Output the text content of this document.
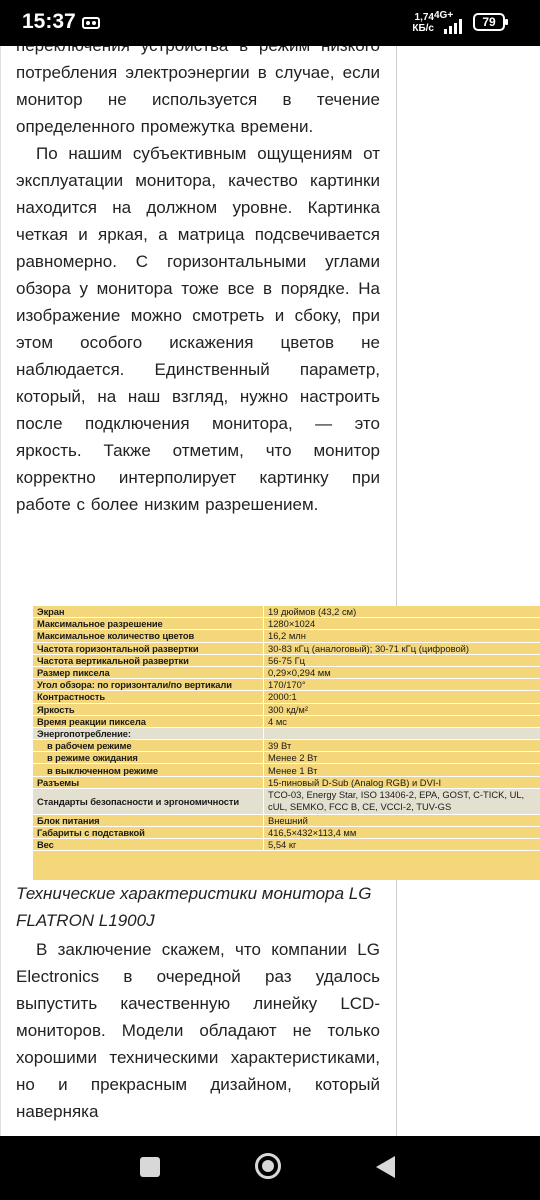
15:37	1,74
КБ/с
4G+	79

потребления электроэнергии в случае, если монитор не используется в течение определенного промежутка времени.

По нашим субъективным ощущениям от эксплуатации монитора, качество картинки находится на должном уровне. Картинка четкая и яркая, а матрица подсвечивается равномерно. С горизонтальными углами обзора у монитора тоже все в порядке. На изображение можно смотреть и сбоку, при этом особого искажения цветов не наблюдается. Единственный параметр, который, на наш взгляд, нужно настроить после подключения монитора, — это яркость. Также отметим, что монитор корректно интерполирует картинку при работе с более низким разрешением.

Экран	19 дюймов (43,2 см)
Максимальное разрешение	1280×1024
Максимальное количество цветов	16,2 млн
Частота горизонтальной развертки	30-83 кГц (аналоговый); 30-71 кГц (цифровой)
Частота вертикальной развертки	56-75 Гц
Размер пиксела	0,29×0,294 мм
Угол обзора: по горизонтали/по вертикали	170/170°
Контрастность	2000:1
Яркость	300 кд/м²
Время реакции пиксела	4 мс
Энергопотребление:	
в рабочем режиме	39 Вт
в режиме ожидания	Менее 2 Вт
в выключенном режиме	Менее 1 Вт
Разъемы	15-пиновый D-Sub (Analog RGB) и DVI-I
Стандарты безопасности и эргономичности	TCO-03, Energy Star, ISO 13406-2, EPA, GOST, C-TICK, UL, cUL, SEMKO, FCC B, CE, VCCI-2, TUV-GS
Блок питания	Внешний
Габариты с подставкой	416,5×432×113,4 мм
Вес	5,54 кг
Технические характеристики монитора LG FLATRON L1900J

В заключение скажем, что компании LG Electronics в очередной раз удалось выпустить качественную линейку LCD-мониторов. Модели обладают не только хорошими техническими характеристиками, но и прекрасным дизайном, который наверняка
